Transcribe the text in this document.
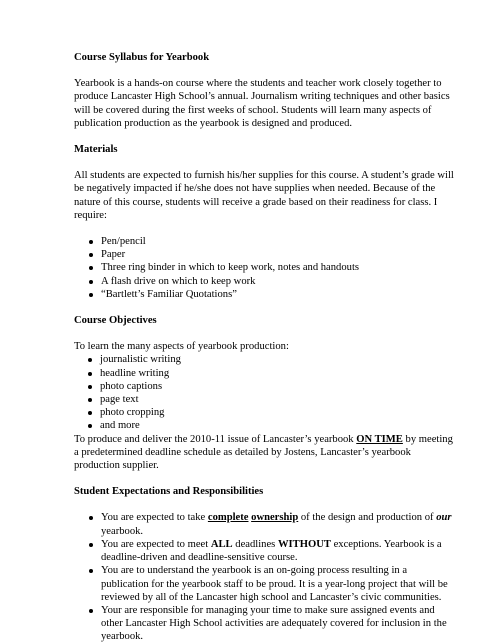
Course Syllabus for Yearbook

Yearbook is a hands-on course where the students and teacher work closely together to produce Lancaster High School’s annual. Journalism writing techniques and other basics will be covered during the first weeks of school. Students will learn many aspects of publication production as the yearbook is designed and produced.

Materials

All students are expected to furnish his/her supplies for this course. A student’s grade will be negatively impacted if he/she does not have supplies when needed. Because of the nature of this course, students will receive a grade based on their readiness for class. I require:

Pen/pencil
Paper
Three ring binder in which to keep work, notes and handouts
A flash drive on which to keep work
“Bartlett’s Familiar Quotations”

Course Objectives

To learn the many aspects of yearbook production:

journalistic writing
headline writing
photo captions
page text
photo cropping
and more

To produce and deliver the 2010-11 issue of Lancaster’s yearbook ON TIME by meeting a predetermined deadline schedule as detailed by Jostens, Lancaster’s yearbook production supplier.

Student Expectations and Responsibilities

You are expected to take complete ownership of the design and production of our yearbook.
You are expected to meet ALL deadlines WITHOUT exceptions. Yearbook is a deadline-driven and deadline-sensitive course.
You are to understand the yearbook is an on-going process resulting in a publication for the yearbook staff to be proud. It is a year-long project that will be reviewed by all of the Lancaster high school and Lancaster’s civic communities.
Your are responsible for managing your time to make sure assigned events and other Lancaster High School activities are adequately covered for inclusion in the yearbook.
